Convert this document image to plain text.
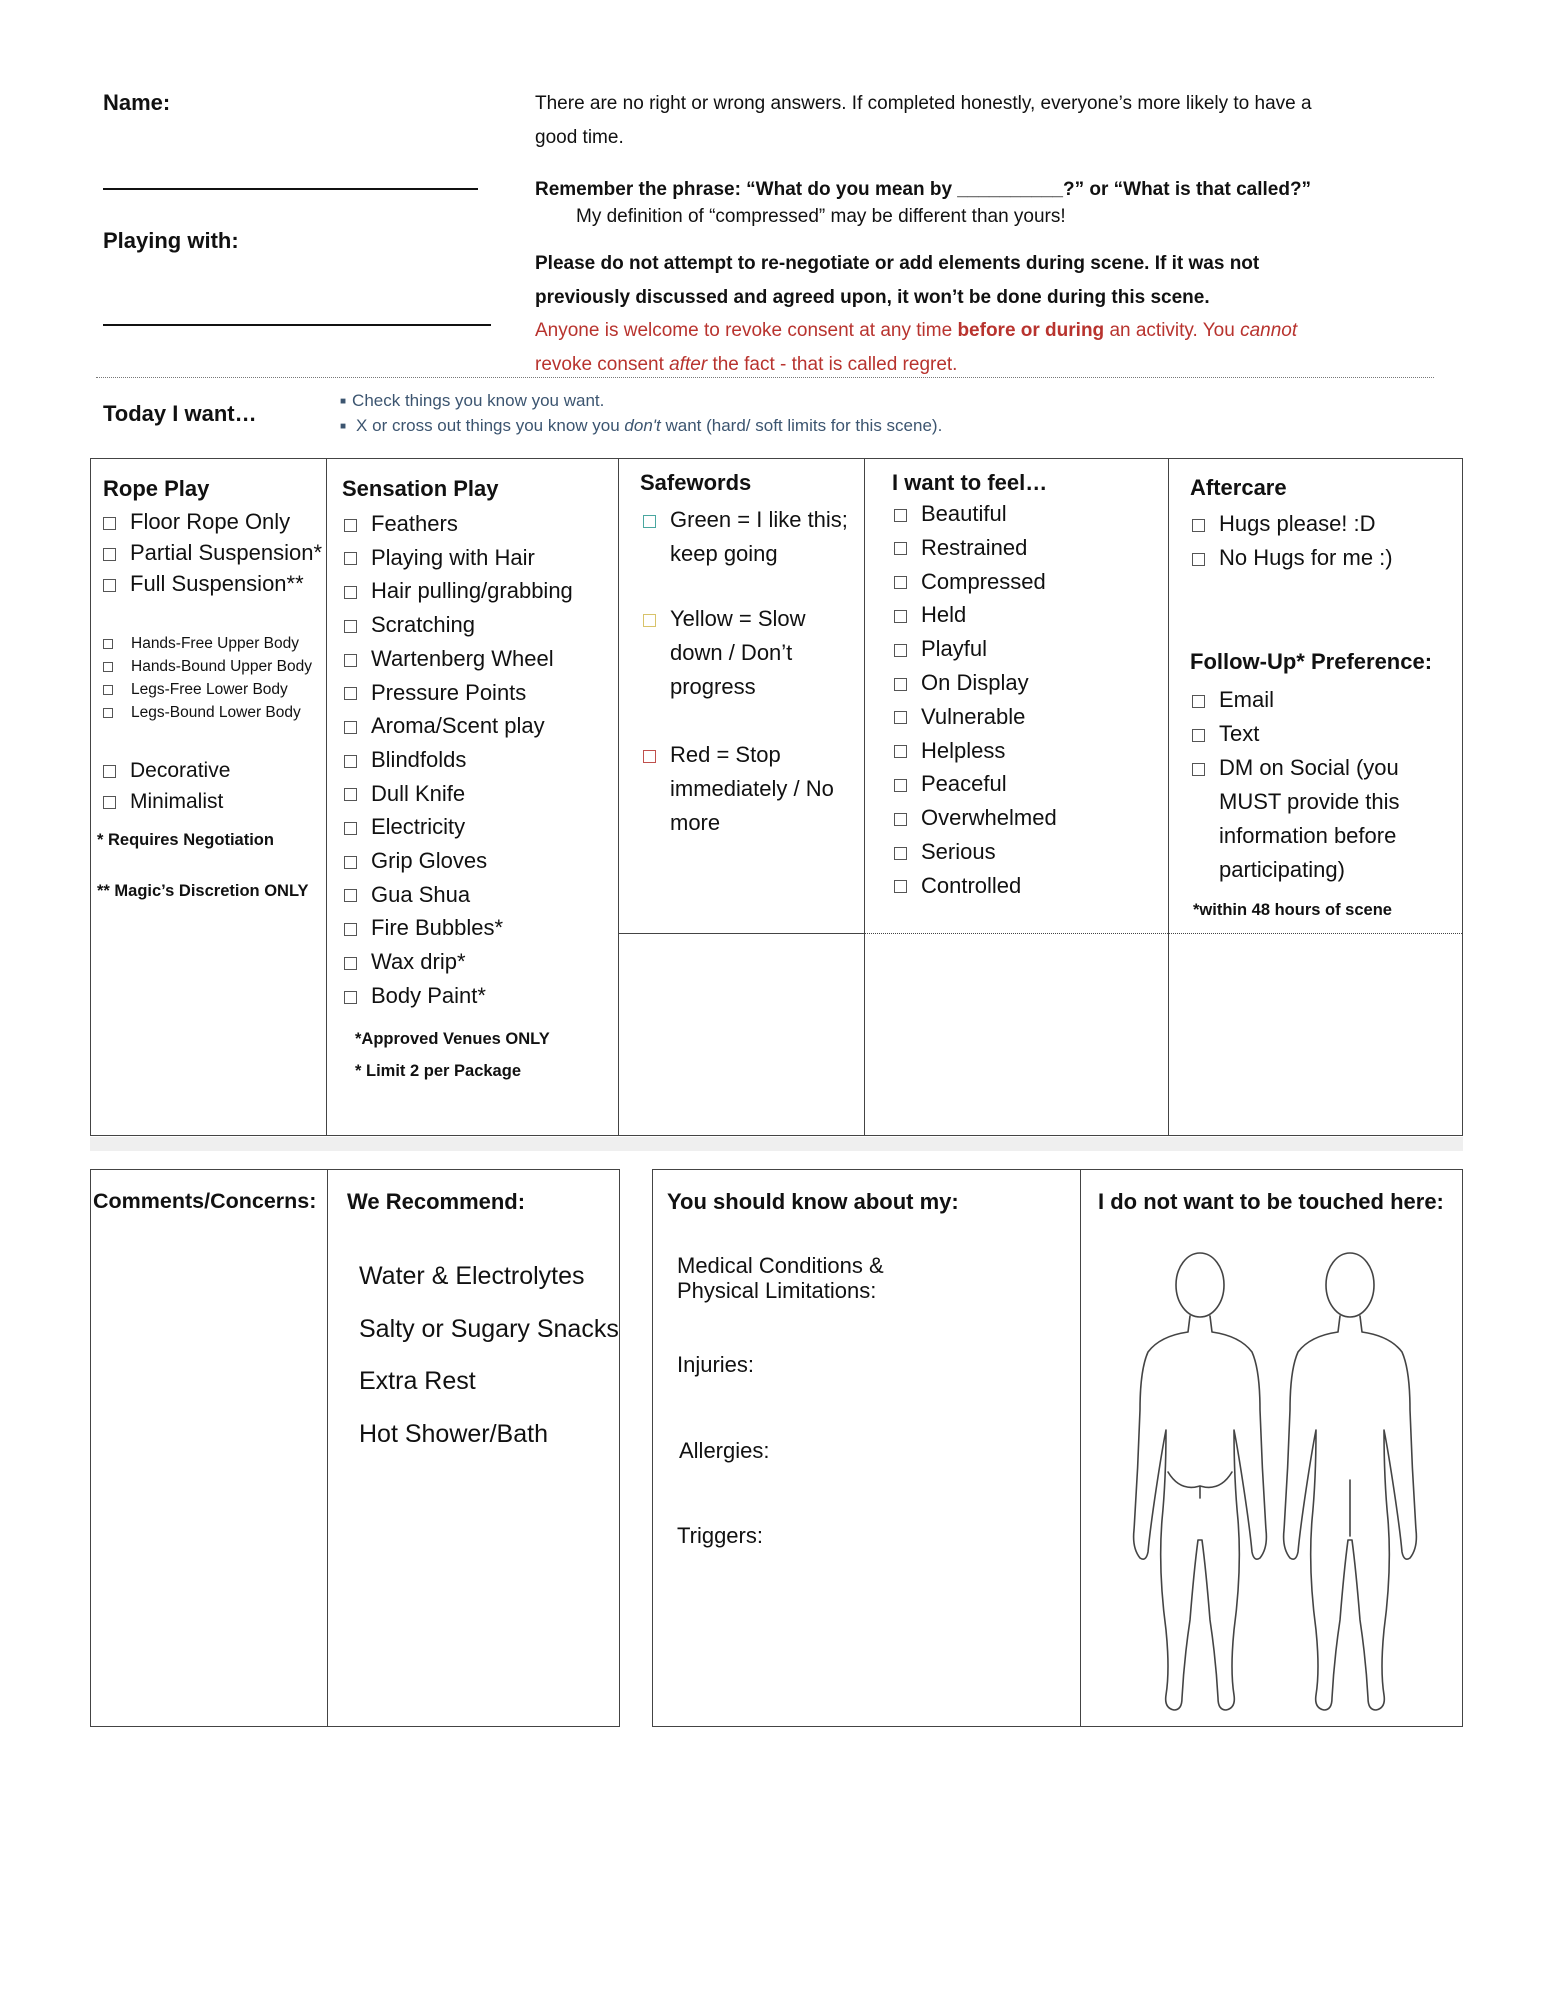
Name:
Playing with:
There are no right or wrong answers. If completed honestly, everyone’s more likely to have a
good time.
Remember the phrase: “What do you mean by __________?” or “What is that called?”
My definition of “compressed” may be different than yours!
Please do not attempt to re-negotiate or add elements during scene. If it was not
previously discussed and agreed upon, it won’t be done during this scene.
Anyone is welcome to revoke consent at any time before or during an activity. You cannot
revoke consent after the fact - that is called regret.
Today I want…	■ Check things you know you want.
■ X or cross out things you know you don't want (hard/ soft limits for this scene).
Rope Play
Floor Rope Only
Partial Suspension*
Full Suspension**
Hands-Free Upper Body
Hands-Bound Upper Body
Legs-Free Lower Body
Legs-Bound Lower Body
Decorative
Minimalist
* Requires Negotiation
** Magic’s Discretion ONLY
Sensation Play
Feathers
Playing with Hair
Hair pulling/grabbing
Scratching
Wartenberg Wheel
Pressure Points
Aroma/Scent play
Blindfolds
Dull Knife
Electricity
Grip Gloves
Gua Shua
Fire Bubbles*
Wax drip*
Body Paint*
*Approved Venues ONLY
* Limit 2 per Package
Safewords
Green = I like this;
keep going
Yellow = Slow
down / Don’t
progress
Red = Stop
immediately / No
more
I want to feel…
Beautiful
Restrained
Compressed
Held
Playful
On Display
Vulnerable
Helpless
Peaceful
Overwhelmed
Serious
Controlled
Aftercare
Hugs please! :D
No Hugs for me :)
Follow-Up* Preference:
Email
Text
DM on Social (you
MUST provide this
information before
participating)
*within 48 hours of scene
Comments/Concerns: We Recommend:
Water & Electrolytes
Salty or Sugary Snacks
Extra Rest
Hot Shower/Bath
You should know about my:
Medical Conditions &
Physical Limitations:
Injuries:
Allergies:
Triggers:
I do not want to be touched here:
